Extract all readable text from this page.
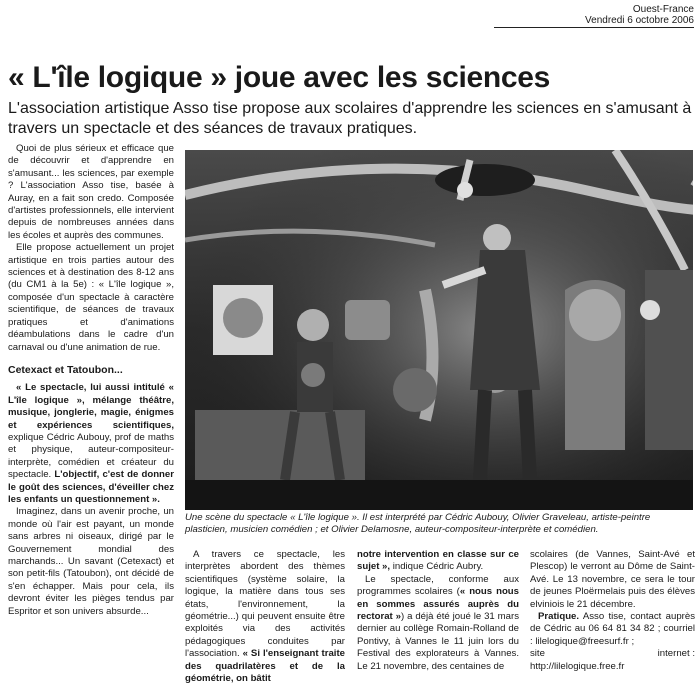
Ouest-France
Vendredi 6 octobre 2006
« L'île logique » joue avec les sciences
L'association artistique Asso tise propose aux scolaires d'apprendre les sciences en s'amusant à travers un spectacle et des séances de travaux pratiques.

Quoi de plus sérieux et efficace que de découvrir et d'apprendre en s'amusant... les sciences, par exemple ? L'association Asso tise, basée à Auray, en a fait son credo. Composée d'artistes professionnels, elle intervient depuis de nombreuses années dans les écoles et auprès des communes.

Elle propose actuellement un projet artistique en trois parties autour des sciences et à destination des 8-12 ans (du CM1 à la 5e) : « L'île logique », composée d'un spectacle à caractère scientifique, de séances de travaux pratiques et d'animations déambulations dans le cadre d'un carnaval ou d'une animation de rue.

Cetexact et Tatoubon...

« Le spectacle, lui aussi intitulé « L'île logique », mélange théâtre, musique, jonglerie, magie, énigmes et expériences scientifiques, explique Cédric Aubouy, prof de maths et physique, auteur-compositeur-interprète, comédien et créateur du spectacle. L'objectif, c'est de donner le goût des sciences, d'éveiller chez les enfants un questionnement ».

Imaginez, dans un avenir proche, un monde où l'air est payant, un monde sans arbres ni oiseaux, dirigé par le Gouvernement mondial des marchands... Un savant (Cetexact) et son petit-fils (Tatoubon), ont décidé de s'en échapper. Mais pour cela, ils devront éviter les pièges tendus par Espritor et son univers absurde...

Une scène du spectacle « L'île logique ». Il est interprété par Cédric Aubouy, Olivier Graveleau, artiste-peintre plasticien, musicien comédien ; et Olivier Delamosne, auteur-compositeur-interprète et comédien.

A travers ce spectacle, les interprètes abordent des thèmes scientifiques (système solaire, la logique, la matière dans tous ses états, l'environnement, la géométrie...) qui peuvent ensuite être exploités via des activités pédagogiques conduites par l'association. « Si l'enseignant traite des quadrilatères et de la géométrie, on bâtit

notre intervention en classe sur ce sujet », indique Cédric Aubry.

Le spectacle, conforme aux programmes scolaires (« nous nous en sommes assurés auprès du rectorat ») a déjà été joué le 31 mars dernier au collège Romain-Rolland de Pontivy, à Vannes le 11 juin lors du Festival des explorateurs à Vannes. Le 21 novembre, des centaines de

scolaires (de Vannes, Saint-Avé et Plescop) le verront au Dôme de Saint-Avé. Le 13 novembre, ce sera le tour de jeunes Ploërmelais puis des élèves elviniois le 21 décembre.

Pratique. Asso tise, contact auprès de Cédric au 06 64 81 34 82 ; courriel : lilelogique@freesurf.fr ;

site	internet :

http://lilelogique.free.fr
